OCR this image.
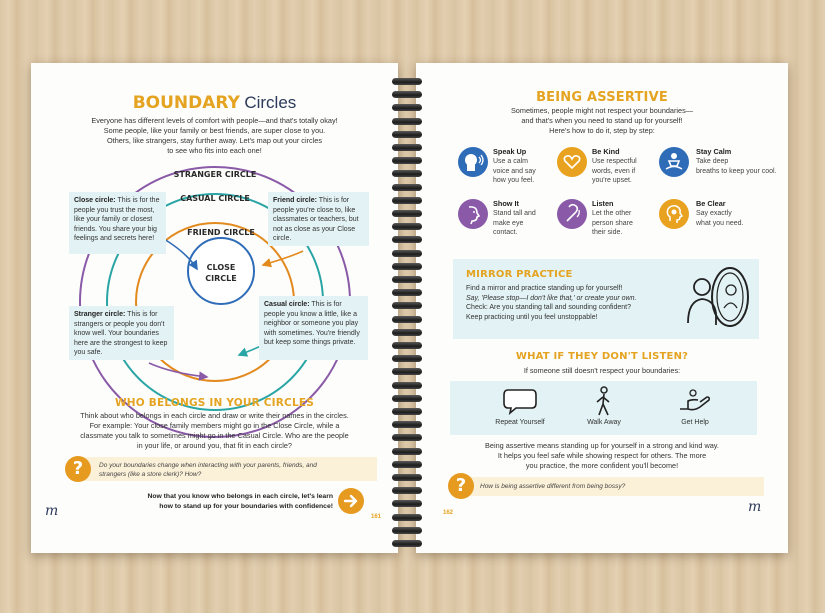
BOUNDARY Circles
Everyone has different levels of comfort with people—and that's totally okay!
Some people, like your family or best friends, are super close to you.
Others, like strangers, stay further away. Let's map out your circles
to see who fits into each one!
STRANGER CIRCLE
CASUAL CIRCLE
FRIEND CIRCLE
CLOSE
CIRCLE
Close circle: This is for the people you trust the most, like your family or closest friends. You share your big feelings and secrets here!
Friend circle: This is for people you're close to, like classmates or teachers, but not as close as your Close circle.
Stranger circle: This is for strangers or people you don't know well. Your boundaries here are the strongest to keep you safe.
Casual circle: This is for people you know a little, like a neighbor or someone you play with sometimes. You're friendly but keep some things private.
WHO BELONGS IN YOUR CIRCLES
Think about who belongs in each circle and draw or write their names in the circles.
For example: Your close family members might go in the Close Circle, while a
classmate you talk to sometimes might go in the Casual Circle. Who are the people
in your life, or around you, that fit in each circle?
Do your boundaries change when interacting with your parents, friends, and
strangers (like a store clerk)? How?
?
Now that you know who belongs in each circle, let's learn
how to stand up for your boundaries with confidence!
m	161
BEING ASSERTIVE
Sometimes, people might not respect your boundaries—
and that's when you need to stand up for yourself!
Here's how to do it, step by step:
Speak Up
Use a calm
voice and say
how you feel.
Be Kind
Use respectful
words, even if
you're upset.
Stay Calm
Take deep
breaths to keep your cool.
Show It
Stand tall and
make eye
contact.
Listen
Let the other
person share
their side.
Be Clear
Say exactly
what you need.
MIRROR PRACTICE
Find a mirror and practice standing up for yourself!
Say, 'Please stop—I don't like that,' or create your own.
Check: Are you standing tall and sounding confident?
Keep practicing until you feel unstoppable!
WHAT IF THEY DON'T LISTEN?
If someone still doesn't respect your boundaries:
Repeat Yourself	Walk Away	Get Help
Being assertive means standing up for yourself in a strong and kind way.
It helps you feel safe while showing respect for others. The more
you practice, the more confident you'll become!
How is being assertive different from being bossy?
?
162	m
